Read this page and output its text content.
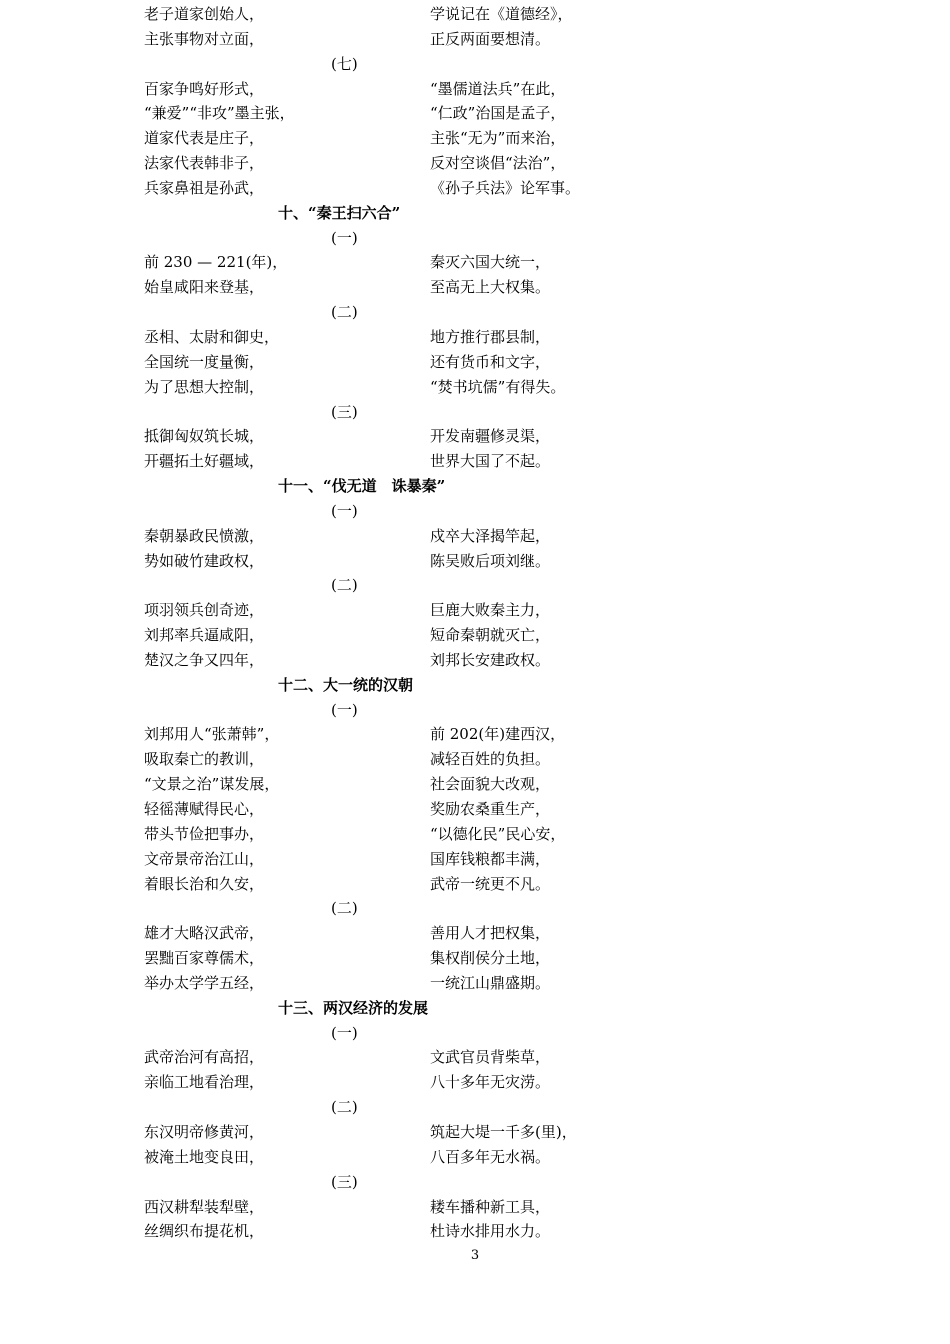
老子道家创始人，	学说记在《道德经》，
主张事物对立面，	正反两面要想清。
(七)
百家争鸣好形式，	“墨儒道法兵”在此，
“兼爱”“非攻”墨主张，	“仁政”治国是孟子，
道家代表是庄子，	主张“无为”而来治，
法家代表韩非子，	反对空谈倡“法治”，
兵家鼻祖是孙武，	《孙子兵法》论军事。
十、“秦王扫六合”
(一)
前 230 — 221(年)，	秦灭六国大统一，
始皇咸阳来登基，	至高无上大权集。
(二)
丞相、太尉和御史，	地方推行郡县制，
全国统一度量衡，	还有货币和文字，
为了思想大控制，	“焚书坑儒”有得失。
(三)
抵御匈奴筑长城，	开发南疆修灵渠，
开疆拓土好疆域，	世界大国了不起。
十一、“伐无道　诛暴秦”
(一)
秦朝暴政民愤激，	戍卒大泽揭竿起，
势如破竹建政权，	陈吴败后项刘继。
(二)
项羽领兵创奇迹，	巨鹿大败秦主力，
刘邦率兵逼咸阳，	短命秦朝就灭亡，
楚汉之争又四年，	刘邦长安建政权。
十二、大一统的汉朝
(一)
刘邦用人“张萧韩”，	前 202(年)建西汉，
吸取秦亡的教训，	减轻百姓的负担。
“文景之治”谋发展，	社会面貌大改观，
轻徭薄赋得民心，	奖励农桑重生产，
带头节俭把事办，	“以德化民”民心安，
文帝景帝治江山，	国库钱粮都丰满，
着眼长治和久安，	武帝一统更不凡。
(二)
雄才大略汉武帝，	善用人才把权集，
罢黜百家尊儒术，	集权削侯分土地，
举办太学学五经，	一统江山鼎盛期。
十三、两汉经济的发展
(一)
武帝治河有高招，	文武官员背柴草，
亲临工地看治理，	八十多年无灾涝。
(二)
东汉明帝修黄河，	筑起大堤一千多(里)，
被淹土地变良田，	八百多年无水祸。
(三)
西汉耕犁装犁壁，	耧车播种新工具，
丝绸织布提花机，	杜诗水排用水力。
3
